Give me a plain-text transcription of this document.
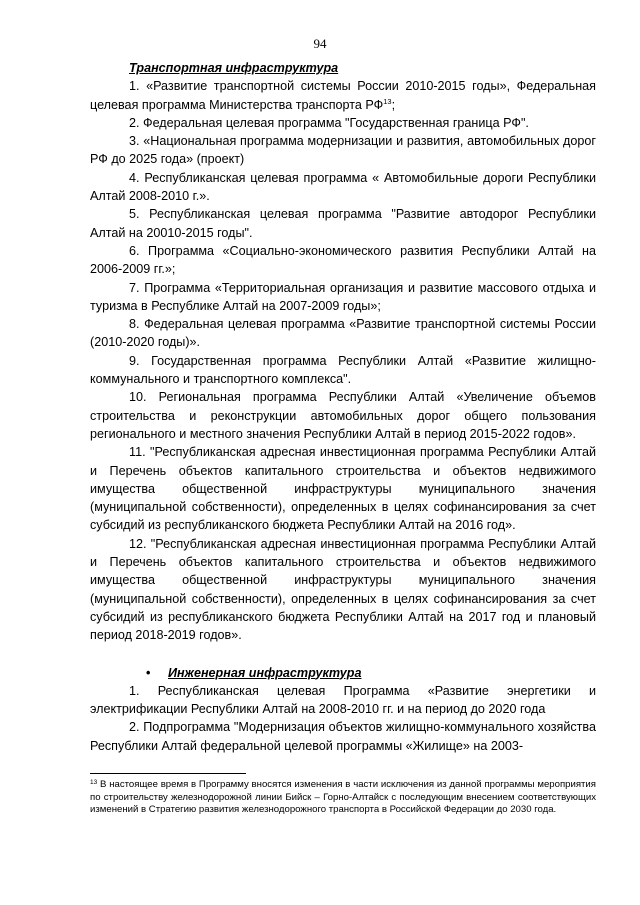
94

Транспортная инфраструктура

1. «Развитие транспортной системы России 2010-2015 годы», Федеральная целевая программа Министерства транспорта РФ$^{13}$;

2. Федеральная целевая программа "Государственная граница РФ".

3. «Национальная программа модернизации и развития, автомобильных дорог РФ до 2025 года» (проект)

4. Республиканская целевая программа « Автомобильные дороги Республики Алтай 2008-2010 г.».

5. Республиканская целевая программа "Развитие автодорог Республики Алтай на 20010-2015 годы".

6. Программа «Социально-экономического развития Республики Алтай на 2006-2009 гг.»;

7. Программа «Территориальная организация и развитие массового отдыха и туризма в Республике Алтай на 2007-2009 годы»;

8. Федеральная целевая программа «Развитие транспортной системы России (2010-2020 годы)».

9. Государственная программа Республики Алтай «Развитие жилищно-коммунального и транспортного комплекса".

10. Региональная программа Республики Алтай «Увеличение объемов строительства и реконструкции автомобильных дорог общего пользования регионального и местного значения Республики Алтай в период 2015-2022 годов».

11. "Республиканская адресная инвестиционная программа Республики Алтай и Перечень объектов капитального строительства и объектов недвижимого имущества общественной инфраструктуры муниципального значения (муниципальной собственности), определенных в целях софинансирования за счет субсидий из республиканского бюджета Республики Алтай на 2016 год».

12. "Республиканская адресная инвестиционная программа Республики Алтай и Перечень объектов капитального строительства и объектов недвижимого имущества общественной инфраструктуры муниципального значения (муниципальной собственности), определенных в целях софинансирования за счет субсидий из республиканского бюджета Республики Алтай на 2017 год и плановый период 2018-2019 годов».

• Инженерная инфраструктура

1. Республиканская целевая Программа «Развитие энергетики и электрификации Республики Алтай на 2008-2010 гг. и на период до 2020 года

2. Подпрограмма "Модернизация объектов жилищно-коммунального хозяйства Республики Алтай федеральной целевой программы «Жилище» на 2003-

$^{13}$ В настоящее время в Программу вносятся изменения в части исключения из данной программы мероприятия по строительству железнодорожной линии Бийск – Горно-Алтайск с последующим внесением соответствующих изменений в Стратегию развития железнодорожного транспорта в Российской Федерации до 2030 года.
